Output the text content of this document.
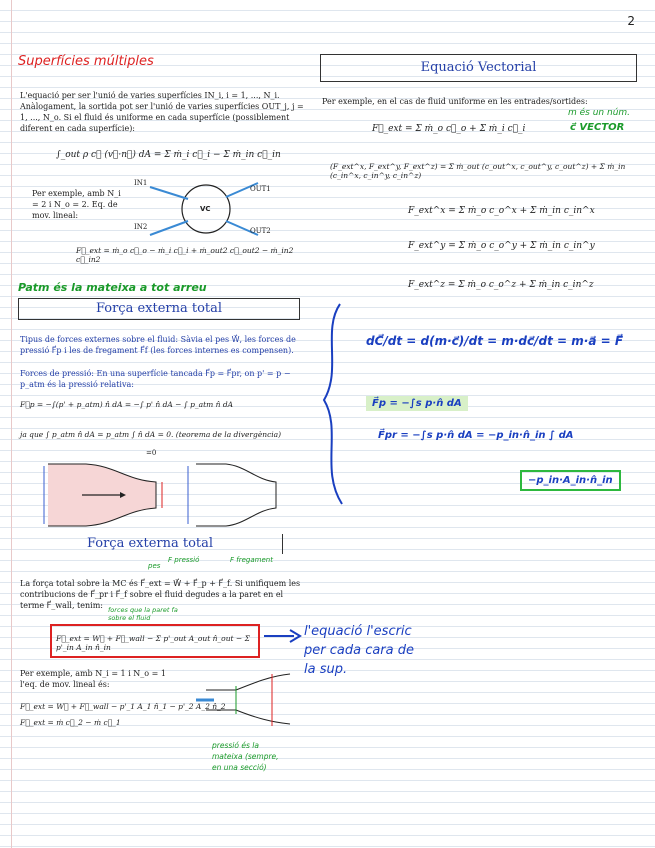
2
Superfícies múltiples
L'equació per ser l'unió de varies superfícies IN_i, i = 1, ..., N_i. Anàlogament, la sortida pot ser l'unió de varies superfícies OUT_j, j = 1, ..., N_o. Si el fluid és uniforme en cada superfície (possiblement diferent en cada superfície):
∫_out ρ c⃗ (v⃗·n⃗) dA = Σ ṁ_i c⃗_i − Σ ṁ_in c⃗_in
Per exemple, amb N_i = 2 i N_o = 2. Eq. de mov. lineal:
VC
IN1
IN2
OUT1
OUT2
F⃗_ext = ṁ_o c⃗_o − ṁ_i c⃗_i + ṁ_out2 c⃗_out2 − ṁ_in2 c⃗_in2
Patm és la mateixa a tot arreu
Equació Vectorial
Per exemple, en el cas de fluid uniforme en les entrades/sortides:
F⃗_ext = Σ ṁ_o c⃗_o + Σ ṁ_i c⃗_i
(F_ext^x, F_ext^y, F_ext^z) = Σ ṁ_out (c_out^x, c_out^y, c_out^z) + Σ ṁ_in (c_in^x, c_in^y, c_in^z)
F_ext^x = Σ ṁ_o c_o^x + Σ ṁ_in c_in^x
F_ext^y = Σ ṁ_o c_o^y + Σ ṁ_in c_in^y
F_ext^z = Σ ṁ_o c_o^z + Σ ṁ_in c_in^z
m és un núm.
c⃗ VECTOR
dC⃗/dt = d(m·c⃗)/dt = m·dc⃗/dt = m·a⃗ = F⃗
F⃗p = −∫s p·n̂ dA
F⃗pr = −∫s p·n̂ dA = −p_in·n̂_in ∫ dA
−p_in·A_in·n̂_in
Força externa total
Tipus de forces externes sobre el fluid: Sàvia el pes W⃗, les forces de pressió F⃗p i les de fregament F⃗f (les forces internes es compensen).
Forces de pressió: En una superfície tancada F⃗p = F⃗pr, on p' = p − p_atm és la pressió relativa:
F⃗p = −∫(p' + p_atm) n̂ dA = −∫ p' n̂ dA − ∫ p_atm n̂ dA
ja que ∫ p_atm n̂ dA = p_atm ∫ n̂ dA = 0. (teorema de la divergència)
=0
Força externa total
La força total sobre la MC és F⃗_ext = W⃗ + F⃗_p + F⃗_f. Si unifiquem les contribucions de F⃗_pr i F⃗_f sobre el fluid degudes a la paret en el terme F⃗_wall, tenim:
pes
F pressió	F fregament
forces que la paret fa sobre el fluid
F⃗_ext = W⃗ + F⃗_wall − Σ p'_out A_out n̂_out − Σ p'_in A_in n̂_in
l'equació l'escric per cada cara de la sup.
Per exemple, amb N_i = 1 i N_o = 1 l'eq. de mov. lineal és:
F⃗_ext = W⃗ + F⃗_wall − p'_1 A_1 n̂_1 − p'_2 A_2 n̂_2
F⃗_ext = ṁ c⃗_2 − ṁ c⃗_1
pressió és la mateixa (sempre, en una secció)
